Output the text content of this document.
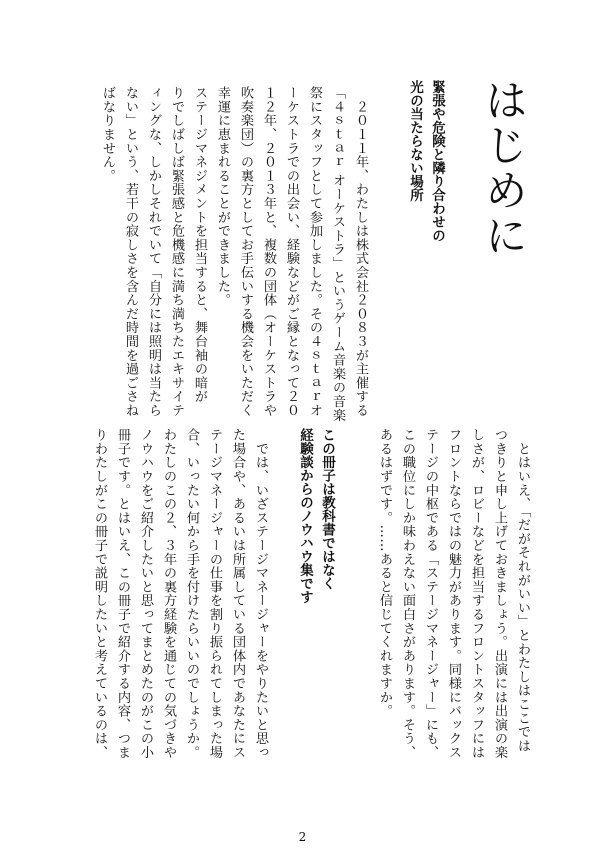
はじめに
緊張や危険と隣り合わせの
光の当たらない場所
　２０１１年、わたしは株式会社２０８３が主催する
「４ｓｔａｒ オーケストラ」というゲーム音楽の音楽
祭にスタッフとして参加しました。その４ｓｔａｒオ
ーケストラでの出会い、経験などがご縁となって２０
１２年、２０１３年と、複数の団体（オーケストラや
吹奏楽団）の裏方としてお手伝いする機会をいただく
幸運に恵まれることができました。
ステージマネジメントを担当すると、舞台袖の暗が
りでしばしば緊張感と危機感に満ち満ちたエキサイテ
ィングな、しかしそれでいて「自分には照明は当たら
ない」という、若干の寂しさを含んだ時間を過ごさね
ばなりません。
　とはいえ、「だがそれがいい」とわたしはここでは
つきりと申し上げておきましょう。出演には出演の楽
しさが、ロビーなどを担当するフロントスタッフには
フロントならではの魅力があります。同様にバックス
テージの中枢である「ステージマネージャー」にも、
この職位にしか味わえない面白さがあります。そう、
あるはずです。……あると信じてくれますか。
この冊子は教科書ではなく
経験談からのノウハウ集です
　では、いざステージマネージャーをやりたいと思っ
た場合や、あるいは所属している団体内であなたにス
テージマネージャーの仕事を割り振られてしまった場
合、いったい何から手を付けたらいいのでしょうか。
わたしのこの２、３年の裏方経験を通じての気づきや
ノウハウをご紹介したいと思ってまとめたのがこの小
冊子です。とはいえ、この冊子で紹介する内容、つま
りわたしがこの冊子で説明したいと考えているのは、
2
